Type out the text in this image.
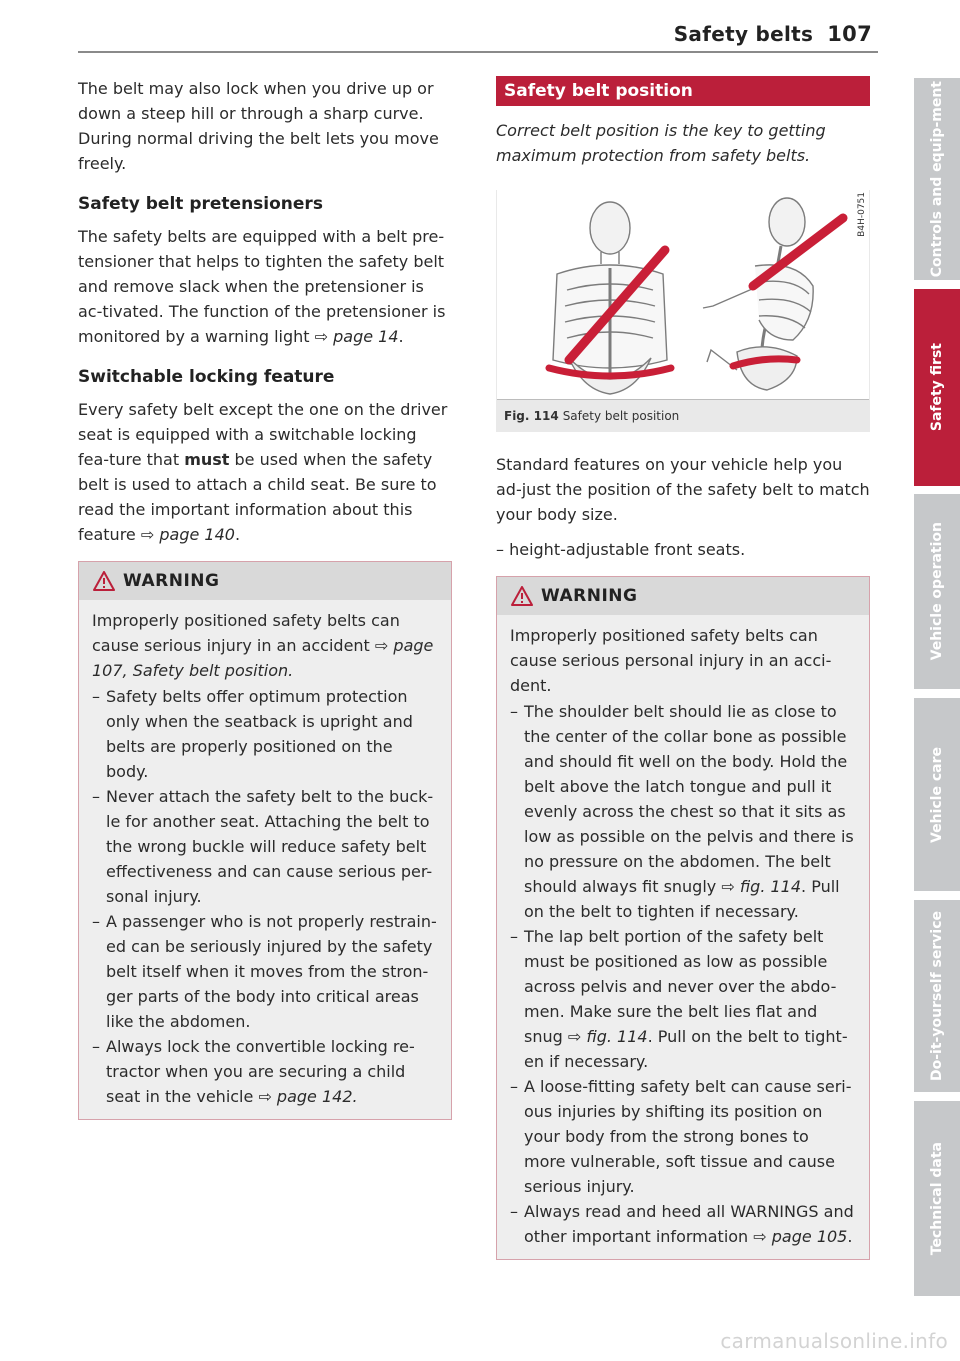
Safety belts 107

The belt may also lock when you drive up or down a steep hill or through a sharp curve. During normal driving the belt lets you move freely.

Safety belt pretensioners

The safety belts are equipped with a belt pre-tensioner that helps to tighten the safety belt and remove slack when the pretensioner is ac-tivated. The function of the pretensioner is monitored by a warning light ⇨ page 14.

Switchable locking feature

Every safety belt except the one on the driver seat is equipped with a switchable locking fea-ture that must be used when the safety belt is used to attach a child seat. Be sure to read the important information about this feature ⇨ page 140.

WARNING

Improperly positioned safety belts can cause serious injury in an accident ⇨ page 107, Safety belt position.

– Safety belts offer optimum protection only when the seatback is upright and belts are properly positioned on the body.
– Never attach the safety belt to the buck-le for another seat. Attaching the belt to the wrong buckle will reduce safety belt effectiveness and can cause serious per-sonal injury.
– A passenger who is not properly restrain-ed can be seriously injured by the safety belt itself when it moves from the stron-ger parts of the body into critical areas like the abdomen.
– Always lock the convertible locking re-tractor when you are securing a child seat in the vehicle ⇨ page 142.
Safety belt position

Correct belt position is the key to getting maximum protection from safety belts.

B4H-0751
Fig. 114 Safety belt position

Standard features on your vehicle help you ad-just the position of the safety belt to match your body size.

– height-adjustable front seats.

WARNING

Improperly positioned safety belts can cause serious personal injury in an acci-dent.

– The shoulder belt should lie as close to the center of the collar bone as possible and should fit well on the body. Hold the belt above the latch tongue and pull it evenly across the chest so that it sits as low as possible on the pelvis and there is no pressure on the abdomen. The belt should always fit snugly ⇨ fig. 114. Pull on the belt to tighten if necessary.
– The lap belt portion of the safety belt must be positioned as low as possible across pelvis and never over the abdo-men. Make sure the belt lies flat and snug ⇨ fig. 114. Pull on the belt to tight-en if necessary.
– A loose-fitting safety belt can cause seri-ous injuries by shifting its position on your body from the strong bones to more vulnerable, soft tissue and cause serious injury.
– Always read and heed all WARNINGS and other important information ⇨ page 105.
Controls and equip-ment
Safety first
Vehicle operation
Vehicle care
Do-it-yourself service
Technical data
carmanualsonline.info
